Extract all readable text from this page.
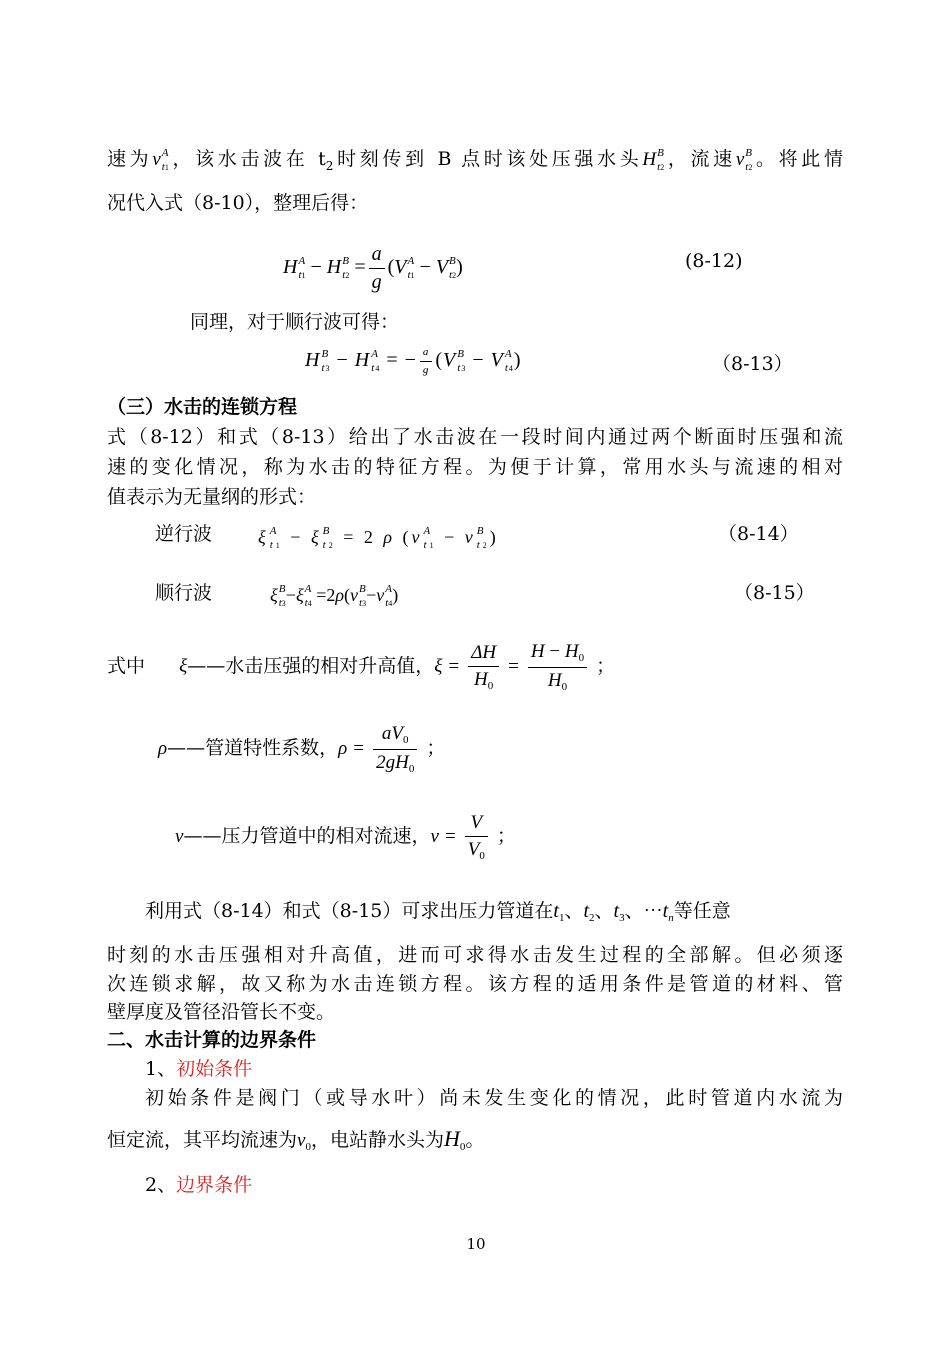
速为v A
t1 ，该水击波在 $t_2$时刻传到 B 点时该处压强水头H B
t2 ，流速v B
t2 。将此情
况代入式（8-10），整理后得：
H A
t1 − H B
$t2 = \frac{a}{g} (V$ A
t1 − V B
t2 )	(8-12)
同理，对于顺行波可得：
H B
t3 − H A
t4 = − $\frac{a}{g} (V$ B
t3 − V A
t4 )	（8-13）
（三）水击的连锁方程
式（8-12）和式（8-13）给出了水击波在一段时间内通过两个断面时压强和流
速的变化情况，称为水击的特征方程。为便于计算，常用水头与流速的相对
值表示为无量纲的形式：
逆行波	ξ A
t1 − ξ B
t2 = 2 ρ (ν A
t1 − ν B
t2 )	（8-14）
顺行波	ξ B
t3 −ξ A
t4 =2ρ(ν B
t3 −ν A
t4 )	（8-15）
式中 ξ——水击压强的相对升高值，$\xi = \frac{\Delta H}{H_0} = \frac{H - H_0}{H_0}$ ；
ρ——管道特性系数，$\rho = \frac{aV_0}{2gH_0}$ ；
ν——压力管道中的相对流速，$\nu = \frac{V}{V_0}$ ；
利用式（8-14）和式（8-15）可求出压力管道在$t_1$、$t_2$、$t_3$、$\cdots t_n$等任意
时刻的水击压强相对升高值，进而可求得水击发生过程的全部解。但必须逐
次连锁求解，故又称为水击连锁方程。该方程的适用条件是管道的材料、管
壁厚度及管径沿管长不变。
二、水击计算的边界条件
1、初始条件
初始条件是阀门（或导水叶）尚未发生变化的情况，此时管道内水流为
恒定流，其平均流速为$v_0$，电站静水头为H0。
2、边界条件
10
